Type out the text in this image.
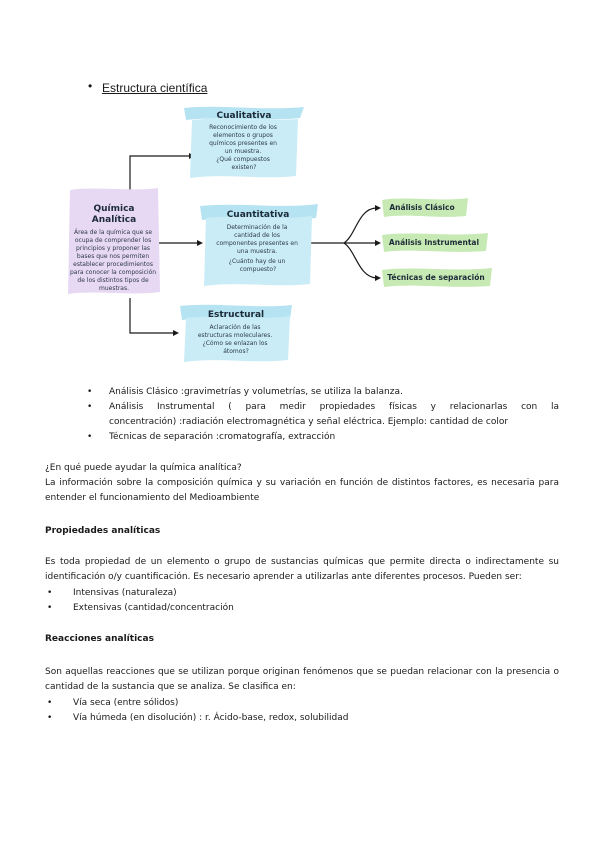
• Estructura científica
Química
Analítica
Área de la química que se ocupa de comprender los principios y proponer las bases que nos permiten establecer procedimientos para conocer la composición de los distintos tipos de muestras.
Cualitativa
Reconocimiento de los elementos o grupos químicos presentes en un muestra. ¿Qué compuestos existen?
Cuantitativa
Determinación de la cantidad de los componentes presentes en una muestra. ¿Cuánto hay de un compuesto?
Estructural
Aclaración de las estructuras moleculares. ¿Cómo se enlazan los átomos?
Análisis Clásico
Análisis Instrumental
Técnicas de separación
• Análisis Clásico :gravimetrías y volumetrías, se utiliza la balanza.
• Análisis Instrumental ( para medir propiedades físicas y relacionarlas con la
concentración) :radiación electromagnética y señal eléctrica. Ejemplo: cantidad de color
• Técnicas de separación :cromatografía, extracción
¿En qué puede ayudar la química analítica?
La información sobre la composición química y su variación en función de distintos factores, es necesaria para entender el funcionamiento del Medioambiente
Propiedades analíticas
Es toda propiedad de un elemento o grupo de sustancias químicas que permite directa o indirectamente su identificación o/y cuantificación. Es necesario aprender a utilizarlas ante diferentes procesos. Pueden ser:
• Intensivas (naturaleza)
• Extensivas (cantidad/concentración
Reacciones analíticas
Son aquellas reacciones que se utilizan porque originan fenómenos que se puedan relacionar con la presencia o cantidad de la sustancia que se analiza. Se clasifica en:
• Vía seca (entre sólidos)
• Vía húmeda (en disolución) : r. Ácido-base, redox, solubilidad
